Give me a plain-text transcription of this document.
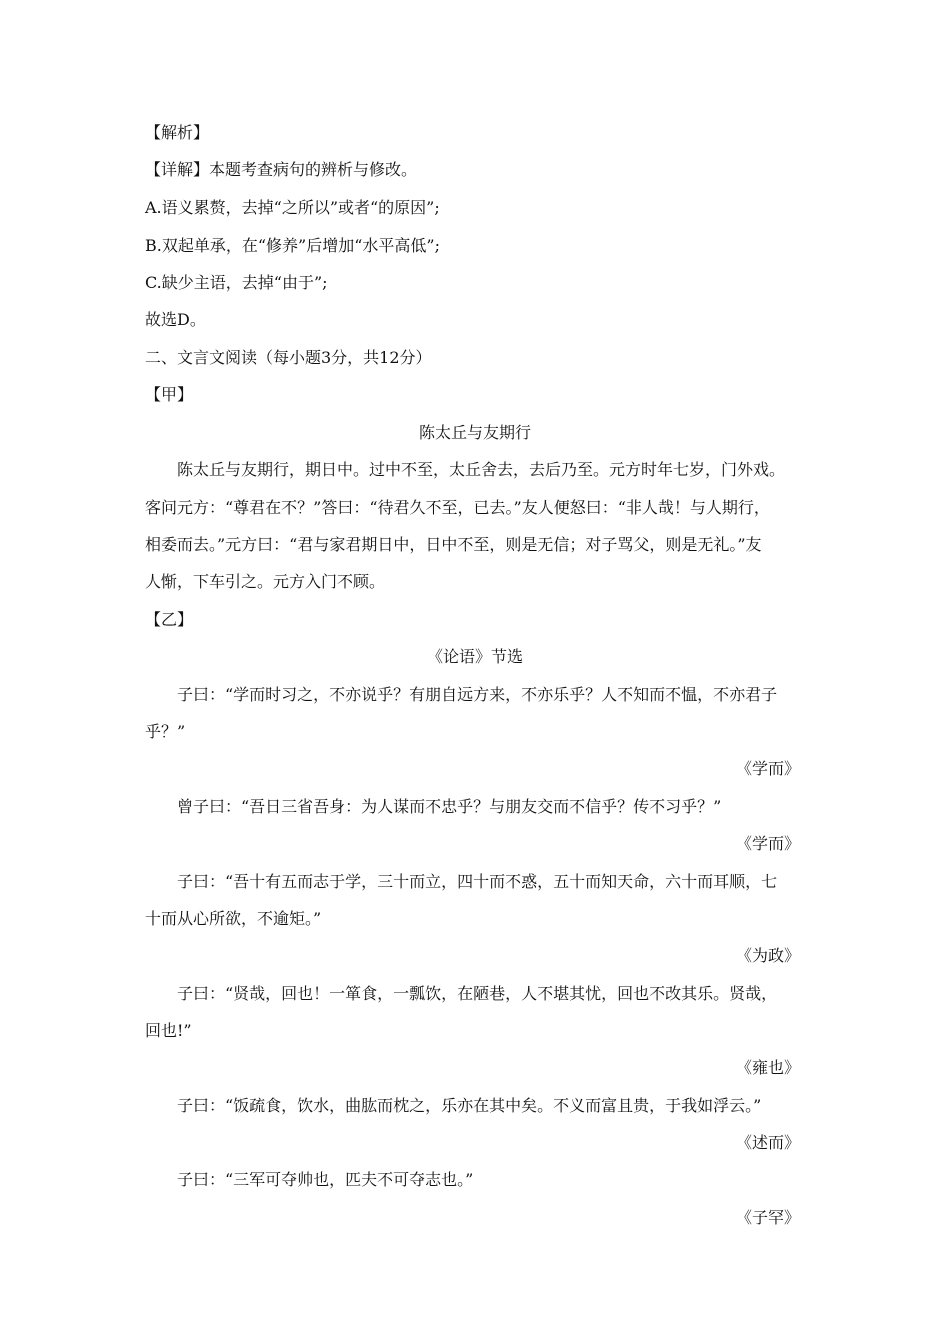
【解析】
【详解】本题考查病句的辨析与修改。
A.语义累赘，去掉“之所以”或者“的原因”;
B.双起单承，在“修养”后增加“水平高低”;
C.缺少主语，去掉“由于”;
故选D。
二、文言文阅读（每小题3分，共12分）
【甲】
陈太丘与友期行
陈太丘与友期行，期日中。过中不至，太丘舍去，去后乃至。元方时年七岁，门外戏。
客问元方：“尊君在不？”答曰：“待君久不至，已去。”友人便怒曰：“非人哉！与人期行，
相委而去。”元方曰：“君与家君期日中，日中不至，则是无信；对子骂父，则是无礼。”友
人惭，下车引之。元方入门不顾。
【乙】
《论语》节选
子曰：“学而时习之，不亦说乎？有朋自远方来，不亦乐乎？人不知而不愠，不亦君子
乎？”
《学而》
曾子曰：“吾日三省吾身：为人谋而不忠乎？与朋友交而不信乎？传不习乎？”
《学而》
子曰：“吾十有五而志于学，三十而立，四十而不惑，五十而知天命，六十而耳顺，七
十而从心所欲，不逾矩。”
《为政》
子曰：“贤哉，回也！一箪食，一瓢饮，在陋巷，人不堪其忧，回也不改其乐。贤哉，
回也!”
《雍也》
子曰：“饭疏食，饮水，曲肱而枕之，乐亦在其中矣。不义而富且贵，于我如浮云。”
《述而》
子曰：“三军可夺帅也，匹夫不可夺志也。”
《子罕》
